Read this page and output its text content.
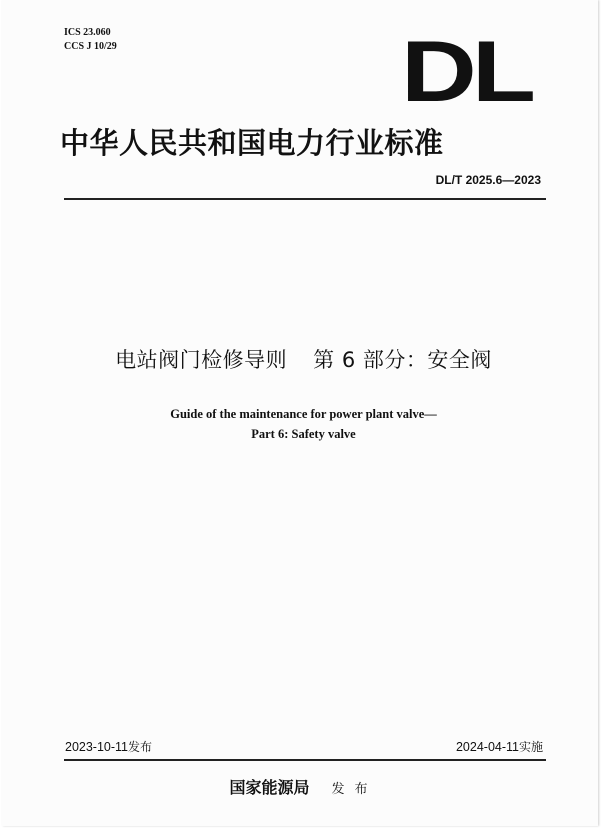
ICS 23.060
CCS J 10/29	DL
中华人民共和国电力行业标准
DL/T 2025.6—2023
电站阀门检修导则 第 6 部分：安全阀
Guide of the maintenance for power plant valve—
Part 6: Safety valve
2023-10-11发布	2024-04-11实施
国家能源局 发布
